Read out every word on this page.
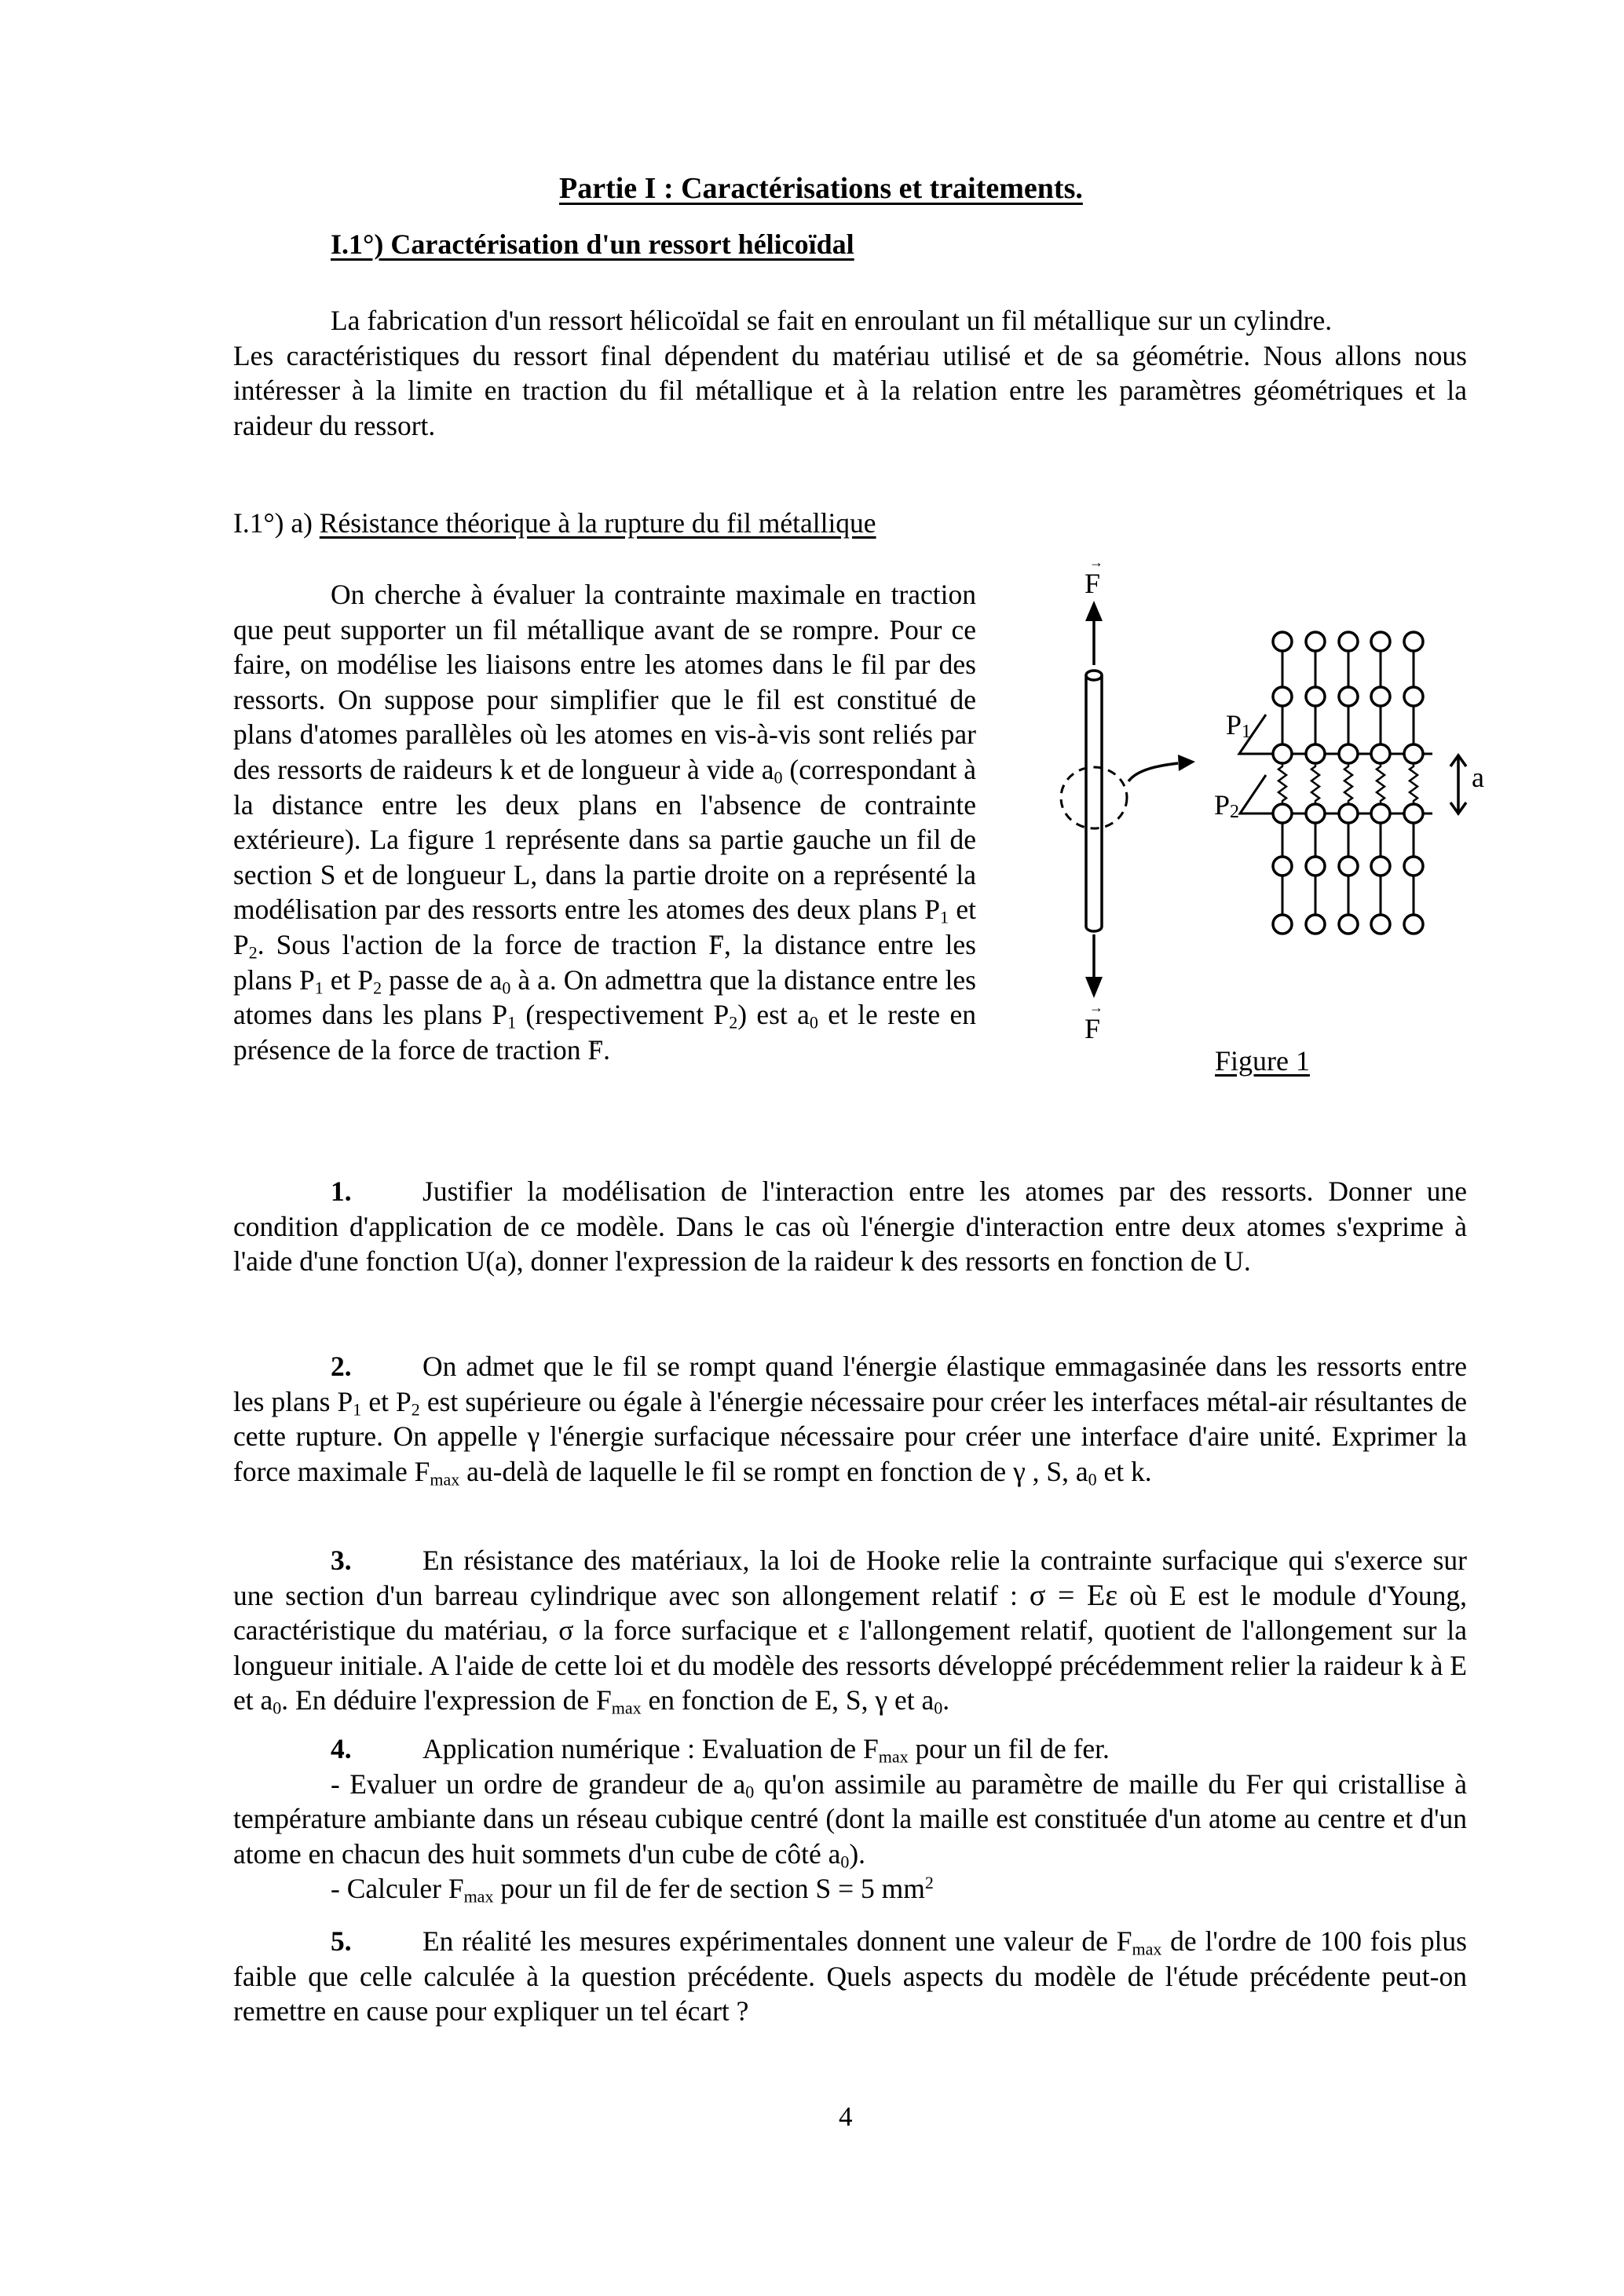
Partie I : Caractérisations et traitements.
I.1°) Caractérisation d'un ressort hélicoïdal
La fabrication d'un ressort hélicoïdal se fait en enroulant un fil métallique sur un cylindre.
Les caractéristiques du ressort final dépendent du matériau utilisé et de sa géométrie. Nous allons nous intéresser à la limite en traction du fil métallique et à la relation entre les paramètres géométriques et la raideur du ressort.
I.1°) a) Résistance théorique à la rupture du fil métallique
On cherche à évaluer la contrainte maximale en traction que peut supporter un fil métallique avant de se rompre. Pour ce faire, on modélise les liaisons entre les atomes dans le fil par des ressorts. On suppose pour simplifier que le fil est constitué de plans d'atomes parallèles où les atomes en vis-à-vis sont reliés par des ressorts de raideurs k et de longueur à vide $a_0$ (correspondant à la distance entre les deux plans en l'absence de contrainte extérieure). La figure 1 représente dans sa partie gauche un fil de section S et de longueur L, dans la partie droite on a représenté la modélisation par des ressorts entre les atomes des deux plans $P_1$ et $P_2$. Sous l'action de la force de traction → F, la distance entre les plans $P_1$ et $P_2$ passe de $a_0$ à a. On admettra que la distance entre les atomes dans les plans $P_1$ (respectivement $P_2$) est $a_0$ et le reste en présence de la force de traction → F.
F
→
F
→
P1
P2
a
Figure 1
1.	Justifier la modélisation de l'interaction entre les atomes par des ressorts. Donner une condition d'application de ce modèle. Dans le cas où l'énergie d'interaction entre deux atomes s'exprime à l'aide d'une fonction U(a), donner l'expression de la raideur k des ressorts en fonction de U.
2.	On admet que le fil se rompt quand l'énergie élastique emmagasinée dans les ressorts entre les plans $P_1$ et $P_2$ est supérieure ou égale à l'énergie nécessaire pour créer les interfaces métal-air résultantes de cette rupture. On appelle γ l'énergie surfacique nécessaire pour créer une interface d'aire unité. Exprimer la force maximale $F_{max}$ au-delà de laquelle le fil se rompt en fonction de γ , S, $a_0$ et k.
3.	En résistance des matériaux, la loi de Hooke relie la contrainte surfacique qui s'exerce sur une section d'un barreau cylindrique avec son allongement relatif : σ = Eε où E est le module d'Young, caractéristique du matériau, σ la force surfacique et ε l'allongement relatif, quotient de l'allongement sur la longueur initiale. A l'aide de cette loi et du modèle des ressorts développé précédemment relier la raideur k à E et $a_0$. En déduire l'expression de $F_{max}$ en fonction de E, S, γ et $a_0$.
4.	Application numérique : Evaluation de $F_{max}$ pour un fil de fer.
- Evaluer un ordre de grandeur de $a_0$ qu'on assimile au paramètre de maille du Fer qui cristallise à température ambiante dans un réseau cubique centré (dont la maille est constituée d'un atome au centre et d'un atome en chacun des huit sommets d'un cube de côté $a_0$).
- Calculer $F_{max}$ pour un fil de fer de section S = 5 $mm^2$
5.	En réalité les mesures expérimentales donnent une valeur de $F_{max}$ de l'ordre de 100 fois plus faible que celle calculée à la question précédente. Quels aspects du modèle de l'étude précédente peut-on remettre en cause pour expliquer un tel écart ?
4
